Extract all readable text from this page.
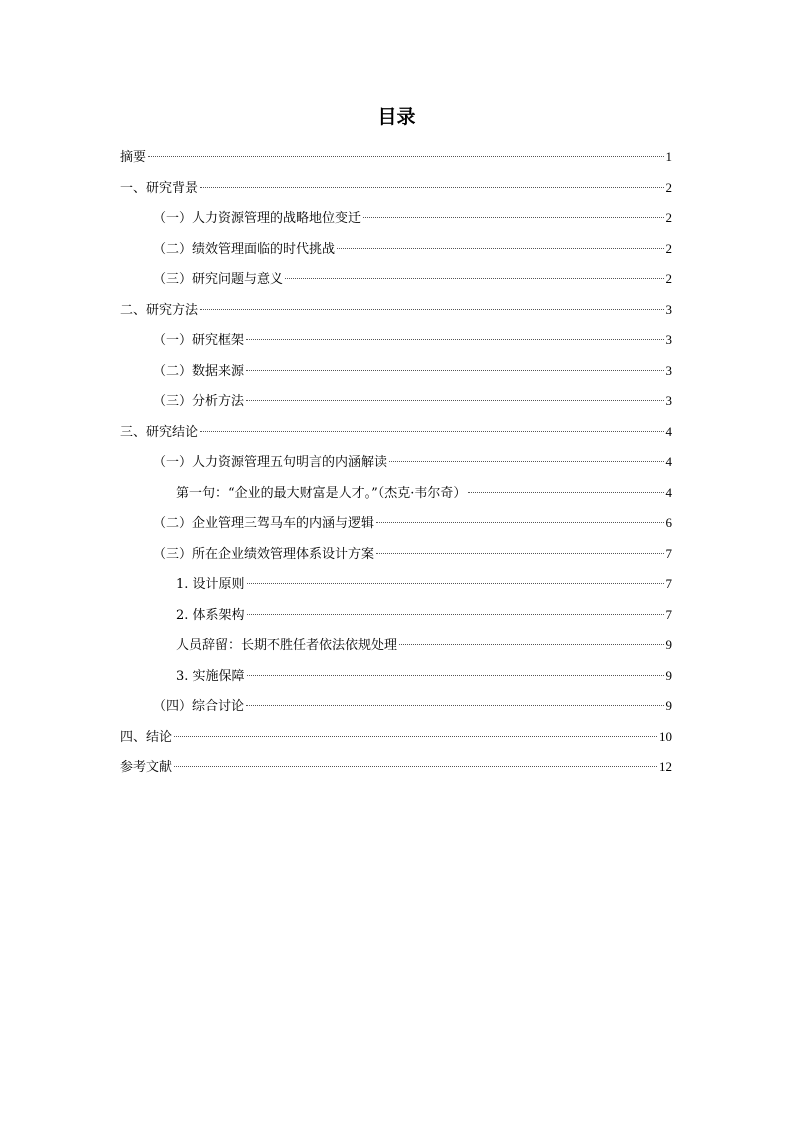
目录
摘要	1
一、研究背景	2
（一）人力资源管理的战略地位变迁	2
（二）绩效管理面临的时代挑战	2
（三）研究问题与意义	2
二、研究方法	3
（一）研究框架	3
（二）数据来源	3
（三）分析方法	3
三、研究结论	4
（一）人力资源管理五句明言的内涵解读	4
第一句：“企业的最大财富是人才。”（杰克·韦尔奇）	4
（二）企业管理三驾马车的内涵与逻辑	6
（三）所在企业绩效管理体系设计方案	7
1. 设计原则	7
2. 体系架构	7
人员辞留：长期不胜任者依法依规处理	9
3. 实施保障	9
（四）综合讨论	9
四、结论	10
参考文献	12
